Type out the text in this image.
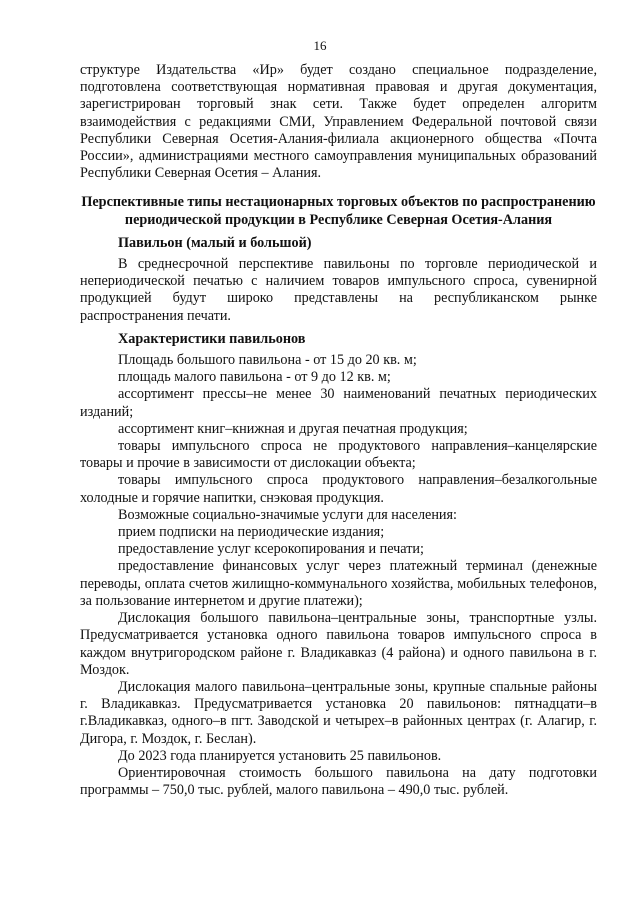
16

структуре Издательства «Ир» будет создано специальное подразделение, подготовлена соответствующая нормативная правовая и другая документация, зарегистрирован торговый знак сети. Также будет определен алгоритм взаимодействия с редакциями СМИ, Управлением Федеральной почтовой связи Республики Северная Осетия-Алания-филиала акционерного общества «Почта России», администрациями местного самоуправления муниципальных образований Республики Северная Осетия – Алания.

Перспективные типы нестационарных торговых объектов по распространению периодической продукции в Республике Северная Осетия-Алания

Павильон (малый и большой)

В среднесрочной перспективе павильоны по торговле периодической и непериодической печатью с наличием товаров импульсного спроса, сувенирной продукцией будут широко представлены на республиканском рынке распространения печати.

Характеристики павильонов

Площадь большого павильона - от 15 до 20 кв. м;

площадь малого павильона - от 9 до 12 кв. м;

ассортимент прессы–не менее 30 наименований печатных периодических изданий;

ассортимент книг–книжная и другая печатная продукция;

товары импульсного спроса не продуктового направления–канцелярские товары и прочие в зависимости от дислокации объекта;

товары импульсного спроса продуктового направления–безалкогольные холодные и горячие напитки, снэковая продукция.

Возможные социально-значимые услуги для населения:

прием подписки на периодические издания;

предоставление услуг ксерокопирования и печати;

предоставление финансовых услуг через платежный терминал (денежные переводы, оплата счетов жилищно-коммунального хозяйства, мобильных телефонов, за пользование интернетом и другие платежи);

Дислокация большого павильона–центральные зоны, транспортные узлы. Предусматривается установка одного павильона товаров импульсного спроса в каждом внутригородском районе г. Владикавказ (4 района) и одного павильона в г. Моздок.

Дислокация малого павильона–центральные зоны, крупные спальные районы г. Владикавказ. Предусматривается установка 20 павильонов: пятнадцати–в г.Владикавказ, одного–в пгт. Заводской и четырех–в районных центрах (г. Алагир, г. Дигора, г. Моздок, г. Беслан).

До 2023 года планируется установить 25 павильонов.

Ориентировочная стоимость большого павильона на дату подготовки программы – 750,0 тыс. рублей, малого павильона – 490,0 тыс. рублей.
